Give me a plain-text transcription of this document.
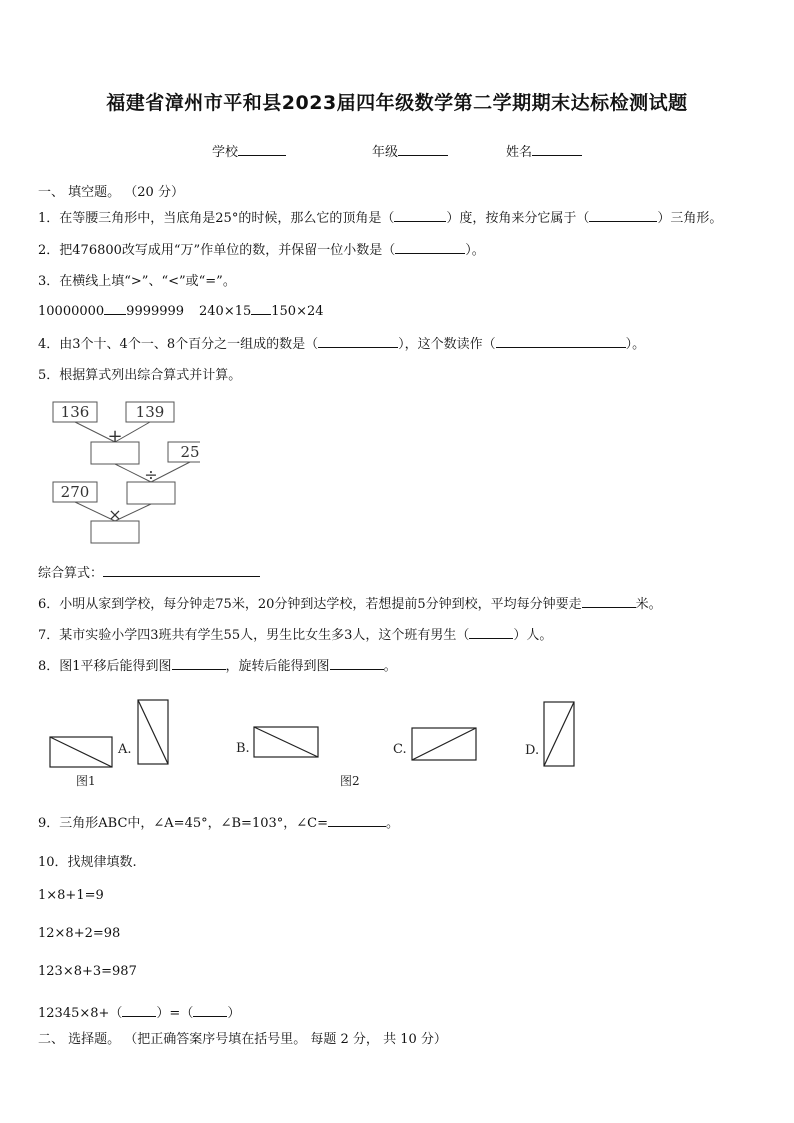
福建省漳州市平和县2023届四年级数学第二学期期末达标检测试题
学校	年级	姓名
一、 填空题。 （20 分）
1．在等腰三角形中，当底角是25°的时候，那么它的顶角是（	）度，按角来分它属于（	）三角形。
2．把476800改写成用“万”作单位的数，并保留一位小数是（	）。
3．在横线上填“>”、“<”或“=”。
10000000 9999999 240×15 150×24
4．由3个十、4个一、8个百分之一组成的数是（	），这个数读作（	）。
5．根据算式列出综合算式并计算。
136	139
25
270
+
÷
×
综合算式：
6．小明从家到学校，每分钟走75米，20分钟到达学校，若想提前5分钟到校，平均每分钟要走	米。
7．某市实验小学四3班共有学生55人，男生比女生多3人，这个班有男生（	）人。
8．图1平移后能得到图	，旋转后能得到图	。
A.	B.	C.	D.
图1	图2
9．三角形ABC中，∠A=45°，∠B=103°，∠C=	。
10．找规律填数.
1×8+1=9
12×8+2=98
123×8+3=987
12345×8+（	）=（	）
二、 选择题。 （把正确答案序号填在括号里。 每题 2 分， 共 10 分）
